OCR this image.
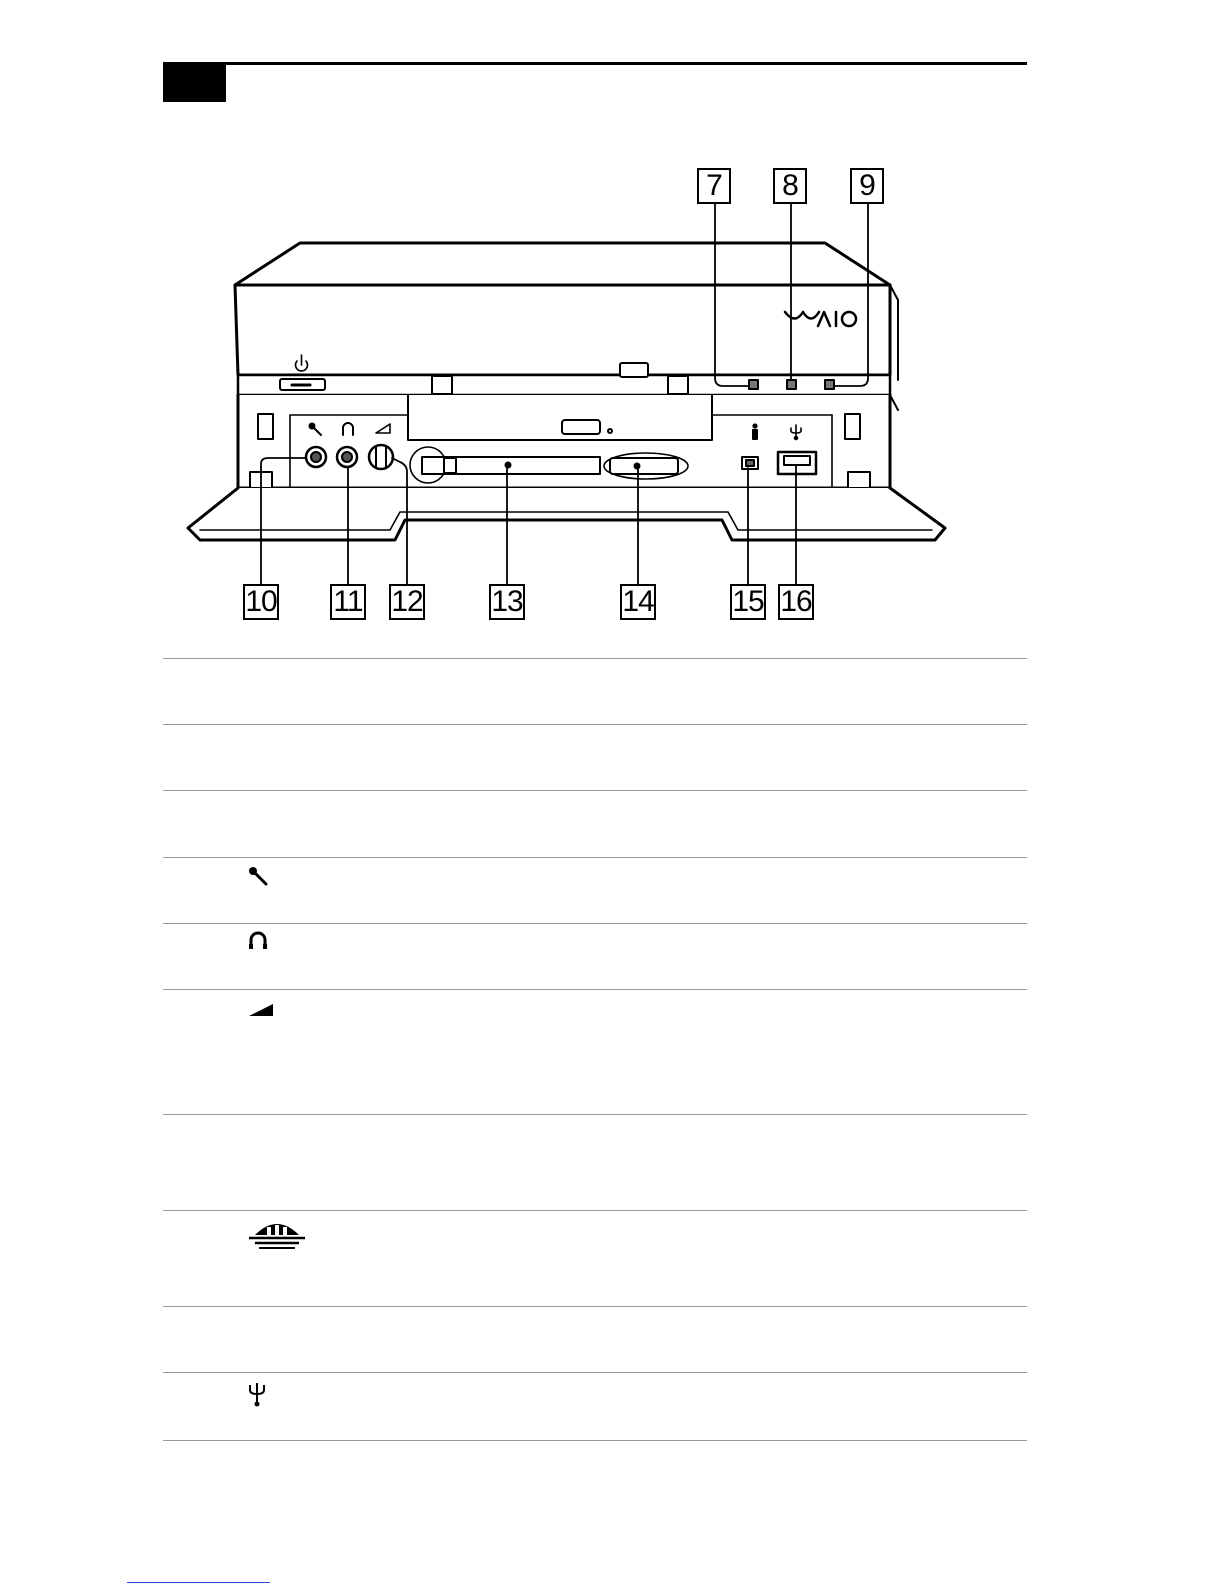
7	8	9
10 11 12 13	14	15 16
